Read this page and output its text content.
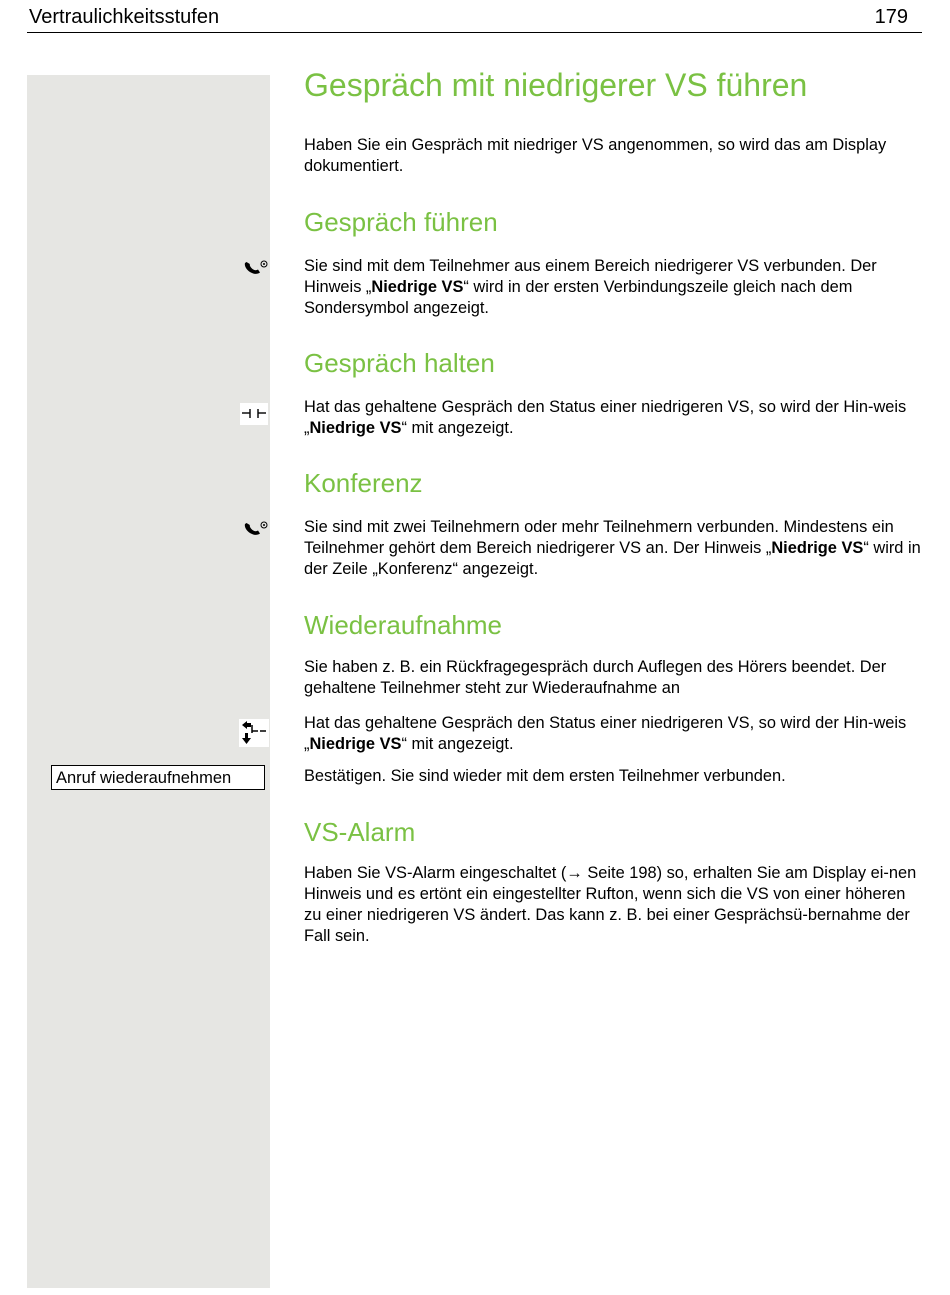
Vertraulichkeitsstufen	179
Gespräch mit niedrigerer VS führen

Haben Sie ein Gespräch mit niedriger VS angenommen, so wird das am Display dokumentiert.

Gespräch führen

Sie sind mit dem Teilnehmer aus einem Bereich niedrigerer VS verbunden. Der Hinweis „Niedrige VS“ wird in der ersten Verbindungszeile gleich nach dem Sondersymbol angezeigt.

Gespräch halten

Hat das gehaltene Gespräch den Status einer niedrigeren VS, so wird der Hin-weis „Niedrige VS“ mit angezeigt.

Konferenz

Sie sind mit zwei Teilnehmern oder mehr Teilnehmern verbunden. Mindestens ein Teilnehmer gehört dem Bereich niedrigerer VS an. Der Hinweis „Niedrige VS“ wird in der Zeile „Konferenz“ angezeigt.

Wiederaufnahme

Sie haben z. B. ein Rückfragegespräch durch Auflegen des Hörers beendet. Der gehaltene Teilnehmer steht zur Wiederaufnahme an

Hat das gehaltene Gespräch den Status einer niedrigeren VS, so wird der Hin-weis „Niedrige VS“ mit angezeigt.

Anruf wiederaufnehmen	Bestätigen. Sie sind wieder mit dem ersten Teilnehmer verbunden.

VS-Alarm

Haben Sie VS-Alarm eingeschaltet (→ Seite 198) so, erhalten Sie am Display ei-nen Hinweis und es ertönt ein eingestellter Rufton, wenn sich die VS von einer höheren zu einer niedrigeren VS ändert. Das kann z. B. bei einer Gesprächsü-bernahme der Fall sein.
